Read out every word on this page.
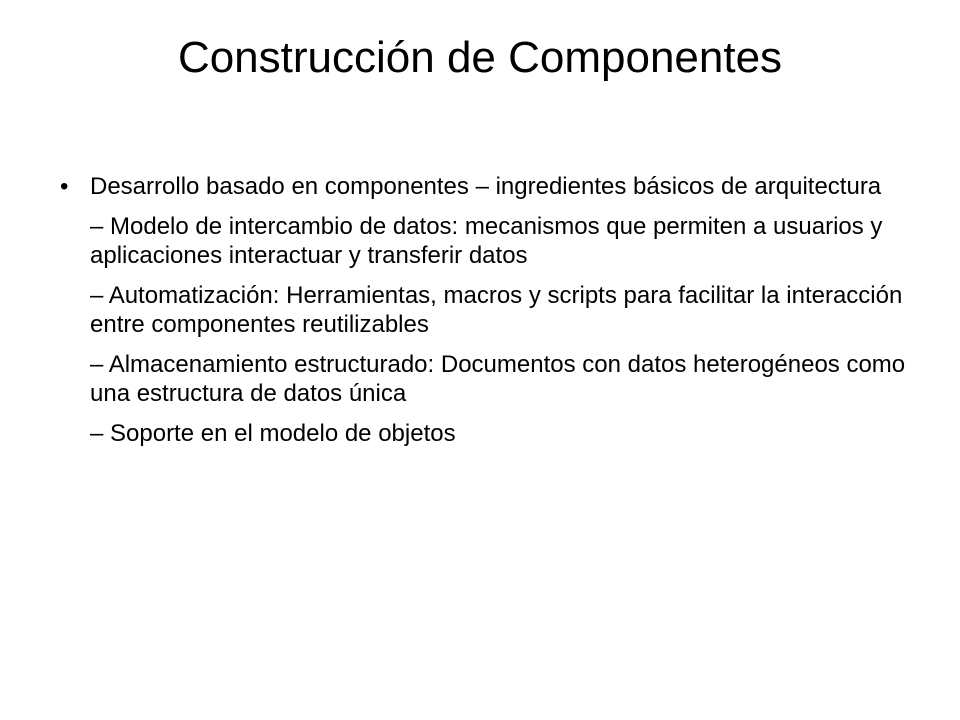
Construcción de Componentes
• Desarrollo basado en componentes – ingredientes básicos de arquitectura
– Modelo de intercambio de datos: mecanismos que permiten a usuarios y aplicaciones interactuar y transferir datos
– Automatización: Herramientas, macros y scripts para facilitar la interacción entre componentes reutilizables
– Almacenamiento estructurado: Documentos con datos heterogéneos como una estructura de datos única
– Soporte en el modelo de objetos
